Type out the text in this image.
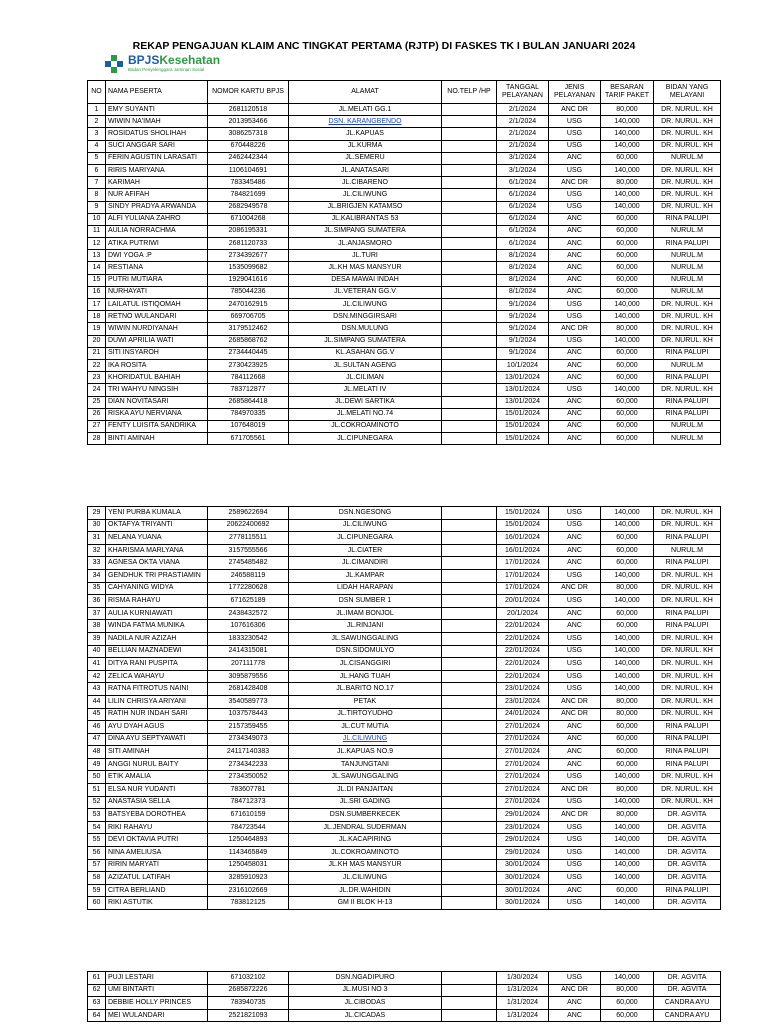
REKAP PENGAJUAN KLAIM ANC TINGKAT PERTAMA (RJTP) DI FASKES TK I BULAN JANUARI 2024
BPJSKesehatan
Badan Penyelenggara Jaminan Sosial
NO	NAMA PESERTA	NOMOR KARTU BPJS	ALAMAT	NO.TELP /HP	TANGGAL PELAYANAN	JENIS PELAYANAN	BESARAN TARIF PAKET	BIDAN YANG MELAYANI
1	EMY SUYANTI	2681120518	JL.MELATI GG.1		2/1/2024	ANC DR	80,000	DR. NURUL. KH
2	WIWIN NA'IMAH	2013953466	DSN. KARANGBENDO		2/1/2024	USG	140,000	DR. NURUL. KH
3	ROSIDATUS SHOLIHAH	3086257318	JL.KAPUAS		2/1/2024	USG	140,000	DR. NURUL. KH
4	SUCI ANGGAR SARI	670448226	JL.KURMA		2/1/2024	USG	140,000	DR. NURUL. KH
5	FERIN AGUSTIN LARASATI	2462442344	JL.SEMERU		3/1/2024	ANC	60,000	NURUL.M
6	RIRIS MARIYANA	1106104691	JL.ANATASARI		3/1/2024	USG	140,000	DR. NURUL. KH
7	KARIMAH	783345486	JL.CIBARENO		6/1/2024	ANC DR	80,000	DR. NURUL. KH
8	NUR AFIFAH	784821699	JL.CILIWUNG		6/1/2024	USG	140,000	DR. NURUL. KH
9	SINDY PRADYA ARWANDA	2682949578	JL.BRIGJEN KATAMSO		6/1/2024	USG	140,000	DR. NURUL. KH
10	ALFI YULIANA ZAHRO	671004268	JL.KALIBRANTAS 53		6/1/2024	ANC	60,000	RINA PALUPI
11	AULIA NORRACHMA	2086195331	JL.SIMPANG SUMATERA		6/1/2024	ANC	60,000	NURUL.M
12	ATIKA PUTRIWI	2681120733	JL.ANJASMORO		6/1/2024	ANC	60,000	RINA PALUPI
13	DWI YOGA .P	2734392677	JL.TURI		8/1/2024	ANC	60,000	NURUL.M
14	RESTIANA	1535099682	JL.KH MAS MANSYUR		8/1/2024	ANC	60,000	NURUL.M
15	PUTRI MUTIARA	1929041616	DESA MAWAI INDAH		8/1/2024	ANC	60,000	NURUL.M
16	NURHAYATI	785044236	JL.VETERAN GG.V		8/1/2024	ANC	60,000	NURUL.M
17	LAILATUL ISTIQOMAH	2470162915	JL.CILIWUNG		9/1/2024	USG	140,000	DR. NURUL. KH
18	RETNO WULANDARI	669706705	DSN.MINGGIRSARI		9/1/2024	USG	140,000	DR. NURUL. KH
19	WIWIN NURDIYANAH	3179512462	DSN.MULUNG		9/1/2024	ANC DR	80,000	DR. NURUL. KH
20	DUWI APRILIA WATI	2685868762	JL.SIMPANG SUMATERA		9/1/2024	USG	140,000	DR. NURUL. KH
21	SITI INSYAROH	2734440445	KL.ASAHAN GG.V		9/1/2024	ANC	60,000	RINA PALUPI
22	IKA ROSITA	2730423925	JL.SULTAN AGENG		10/1/2024	ANC	60,000	NURUL.M
23	KHORIDATUL BAHIAH	784112668	JL.CILIMAN		13/01/2024	ANC	60,000	RINA PALUPI
24	TRI WAHYU NINGSIH	783712877	JL.MELATI IV		13/01/2024	USG	140,000	DR. NURUL. KH
25	DIAN NOVITASARI	2685864418	JL.DEWI SARTIKA		13/01/2024	ANC	60,000	RINA PALUPI
26	RISKA AYU NERVIANA	784970335	JL.MELATI NO.74		15/01/2024	ANC	60,000	RINA PALUPI
27	FENTY LUISITA SANDRIKA	107648019	JL.COKROAMINOTO		15/01/2024	ANC	60,000	NURUL.M
28	BINTI AMINAH	671705561	JL.CIPUNEGARA		15/01/2024	ANC	60,000	NURUL.M
29	YENI PURBA KUMALA	2589622694	DSN.NGESONG		15/01/2024	USG	140,000	DR. NURUL. KH
30	OKTAFYA TRIYANTI	20622400692	JL.CILIWUNG		15/01/2024	USG	140,000	DR. NURUL. KH
31	NELANA YUANA	2778115511	JL.CIPUNEGARA		16/01/2024	ANC	60,000	RINA PALUPI
32	KHARISMA MARLYANA	3157555566	JL.CIATER		16/01/2024	ANC	60,000	NURUL.M
33	AGNESA OKTA VIANA	2745485482	JL.CIMANDIRI		17/01/2024	ANC	60,000	RINA PALUPI
34	GENDHUK TRI PRASTIAMIN	246588119	JL.KAMPAR		17/01/2024	USG	140,000	DR. NURUL. KH
35	CAHYANING WIDYA	1772280628	LIDAH HARAPAN		17/01/2024	ANC DR	80,000	DR. NURUL. KH
36	RISMA RAHAYU	671625189	DSN SUMBER 1		20/01/2024	USG	140,000	DR. NURUL. KH
37	AULIA KURNIAWATI	2438432572	JL.IMAM BONJOL		20/1/2024	ANC	60,000	RINA PALUPI
38	WINDA FATMA MUNIKA	107616306	JL.RINJANI		22/01/2024	ANC	60,000	RINA PALUPI
39	NADILA NUR AZIZAH	1833230542	JL.SAWUNGGALING		22/01/2024	USG	140,000	DR. NURUL. KH
40	BELLIAN MAZNADEWI	2414315081	DSN.SIDOMULYO		22/01/2024	USG	140,000	DR. NURUL. KH
41	DITYA RANI PUSPITA	207111778	JL.CISANGGIRI		22/01/2024	USG	140,000	DR. NURUL. KH
42	ZELICA WAHAYU	3095879556	JL.HANG TUAH		22/01/2024	USG	140,000	DR. NURUL. KH
43	RATNA FITROTUS NAINI	2681428408	JL.BARITO NO.17		23/01/2024	USG	140,000	DR. NURUL. KH
44	LILIN CHRISYA ARIYANI	3540589773	PETAK		23/01/2024	ANC DR	80,000	DR. NURUL. KH
45	RATIH NUR INDAH SARI	1037578443	JL.TIRTOYUDHO		24/01/2024	ANC DR	80,000	DR. NURUL. KH
46	AYU DYAH AGUS	2157359455	JL.CUT MUTIA		27/01/2024	ANC	60,000	RINA PALUPI
47	DINA AYU SEPTYAWATI	2734349073	JL.CILIWUNG		27/01/2024	ANC	60,000	RINA PALUPI
48	SITI AMINAH	24117140383	JL.KAPUAS NO.9		27/01/2024	ANC	60,000	RINA PALUPI
49	ANGGI NURUL BAITY	2734342233	TANJUNGTANI		27/01/2024	ANC	60,000	RINA PALUPI
50	ETIK AMALIA	2734350052	JL.SAWUNGGALING		27/01/2024	USG	140,000	DR. NURUL. KH
51	ELSA NUR YUDANTI	783607781	JL.DI PANJAITAN		27/01/2024	ANC DR	80,000	DR. NURUL. KH
52	ANASTASIA SELLA	784712373	JL.SRI GADING		27/01/2024	USG	140,000	DR. NURUL. KH
53	BATSYEBA DOROTHEA	671610159	DSN.SUMBERKECEK		29/01/2024	ANC DR	80,000	DR. AGVITA
54	RIKI RAHAYU	784723544	JL.JENDRAL SUDERMAN		23/01/2024	USG	140,000	DR. AGVITA
55	DEVI OKTAVIA PUTRI	1250464893	JL.KACAPIRING		29/01/2024	USG	140,000	DR. AGVITA
56	NINA AMELIUSA	1143465849	JL.COKROAMINOTO		29/01/2024	USG	140,000	DR. AGVITA
57	RIRIN MARYATI	1250458031	JL.KH MAS MANSYUR		30/01/2024	USG	140,000	DR. AGVITA
58	AZIZATUL LATIFAH	3285910923	JL.CILIWUNG		30/01/2024	USG	140,000	DR. AGVITA
59	CITRA BERLIAND	2316102669	JL.DR.WAHIDIN		30/01/2024	ANC	60,000	RINA PALUPI
60	RIKI ASTUTIK	783812125	GM II BLOK H-13		30/01/2024	USG	140,000	DR. AGVITA
61	PUJI LESTARI	671032102	DSN.NGADIPURO		1/30/2024	USG	140,000	DR. AGVITA
62	UMI BINTARTI	2685872226	JL.MUSI NO 3		1/31/2024	ANC DR	80,000	DR. AGVITA
63	DEBBIE HOLLY PRINCES	783940735	JL.CIBODAS		1/31/2024	ANC	60,000	CANDRA AYU
64	MEI WULANDARI	2521821093	JL.CICADAS		1/31/2024	ANC	60,000	CANDRA AYU
